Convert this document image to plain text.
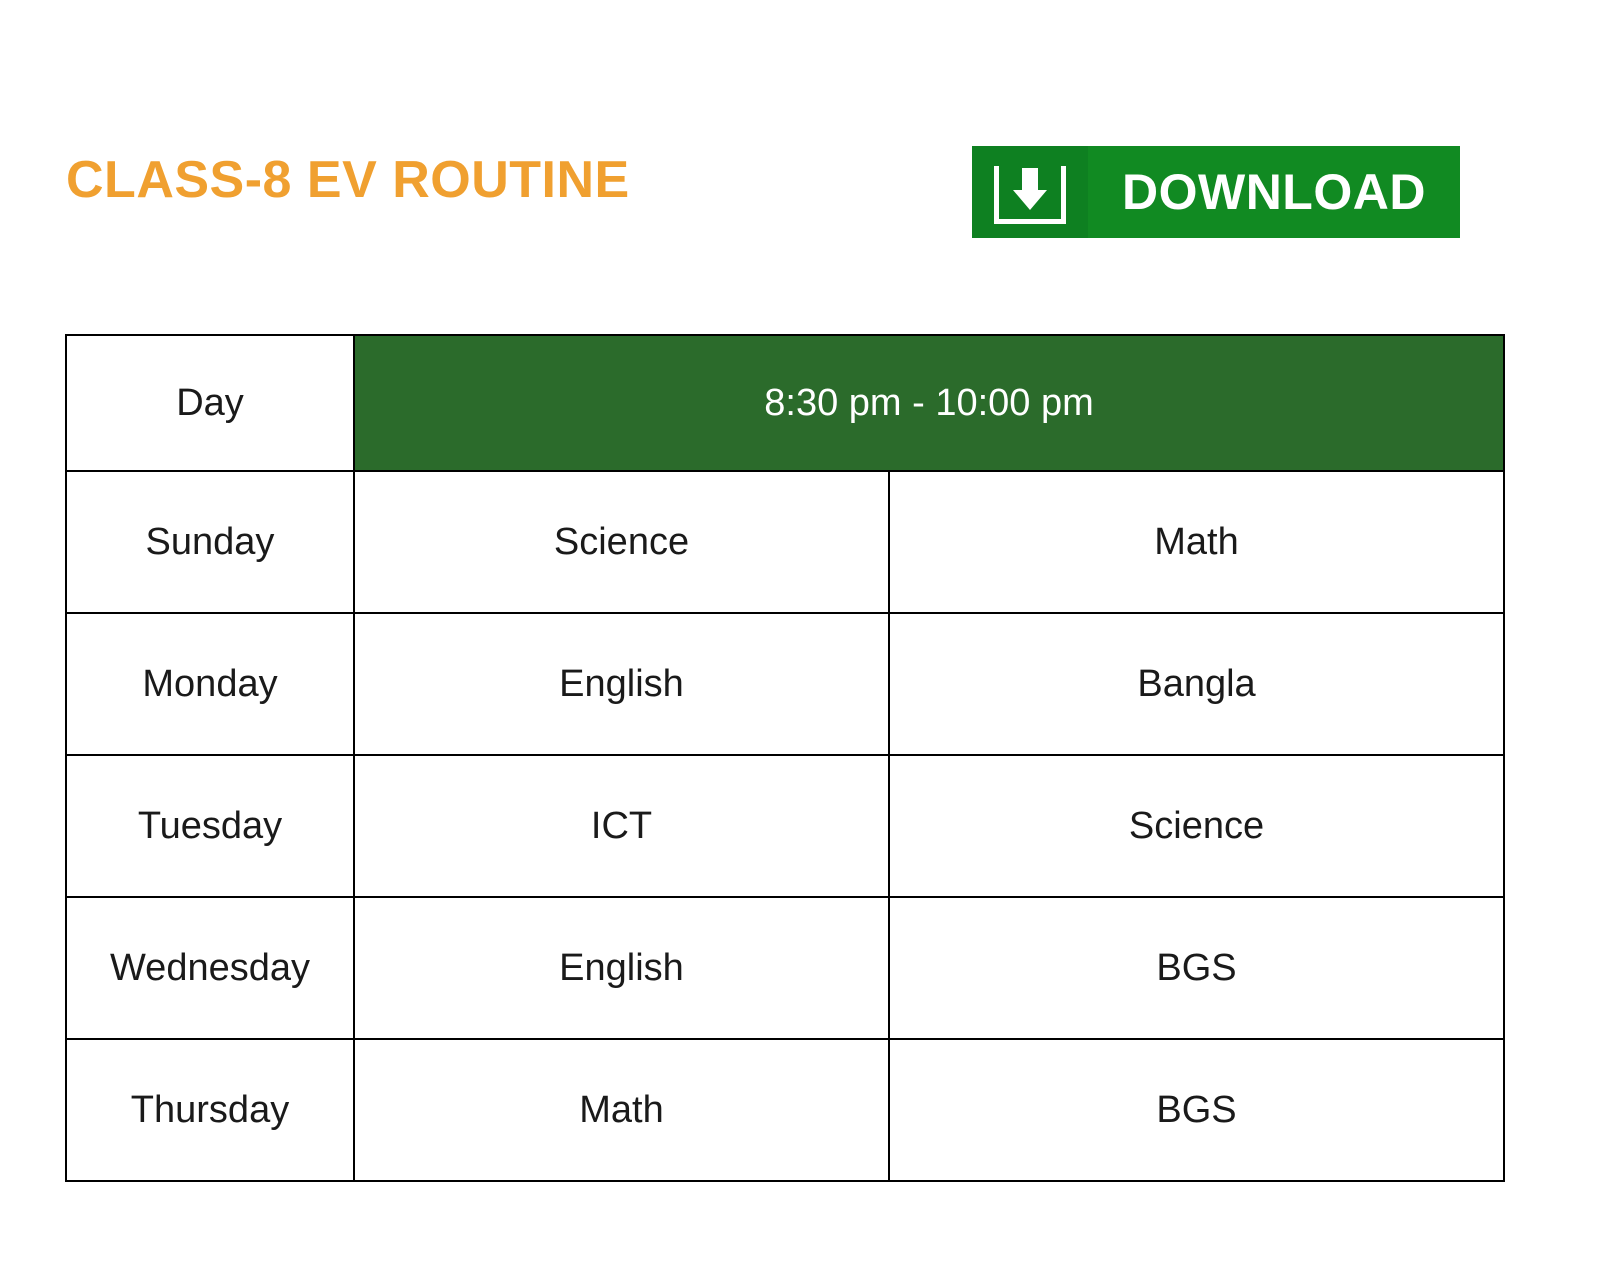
CLASS-8 EV ROUTINE	DOWNLOAD
Day	8:30 pm - 10:00 pm	
Sunday	Science	Math
Monday	English	Bangla
Tuesday	ICT	Science
Wednesday	English	BGS
Thursday	Math	BGS
